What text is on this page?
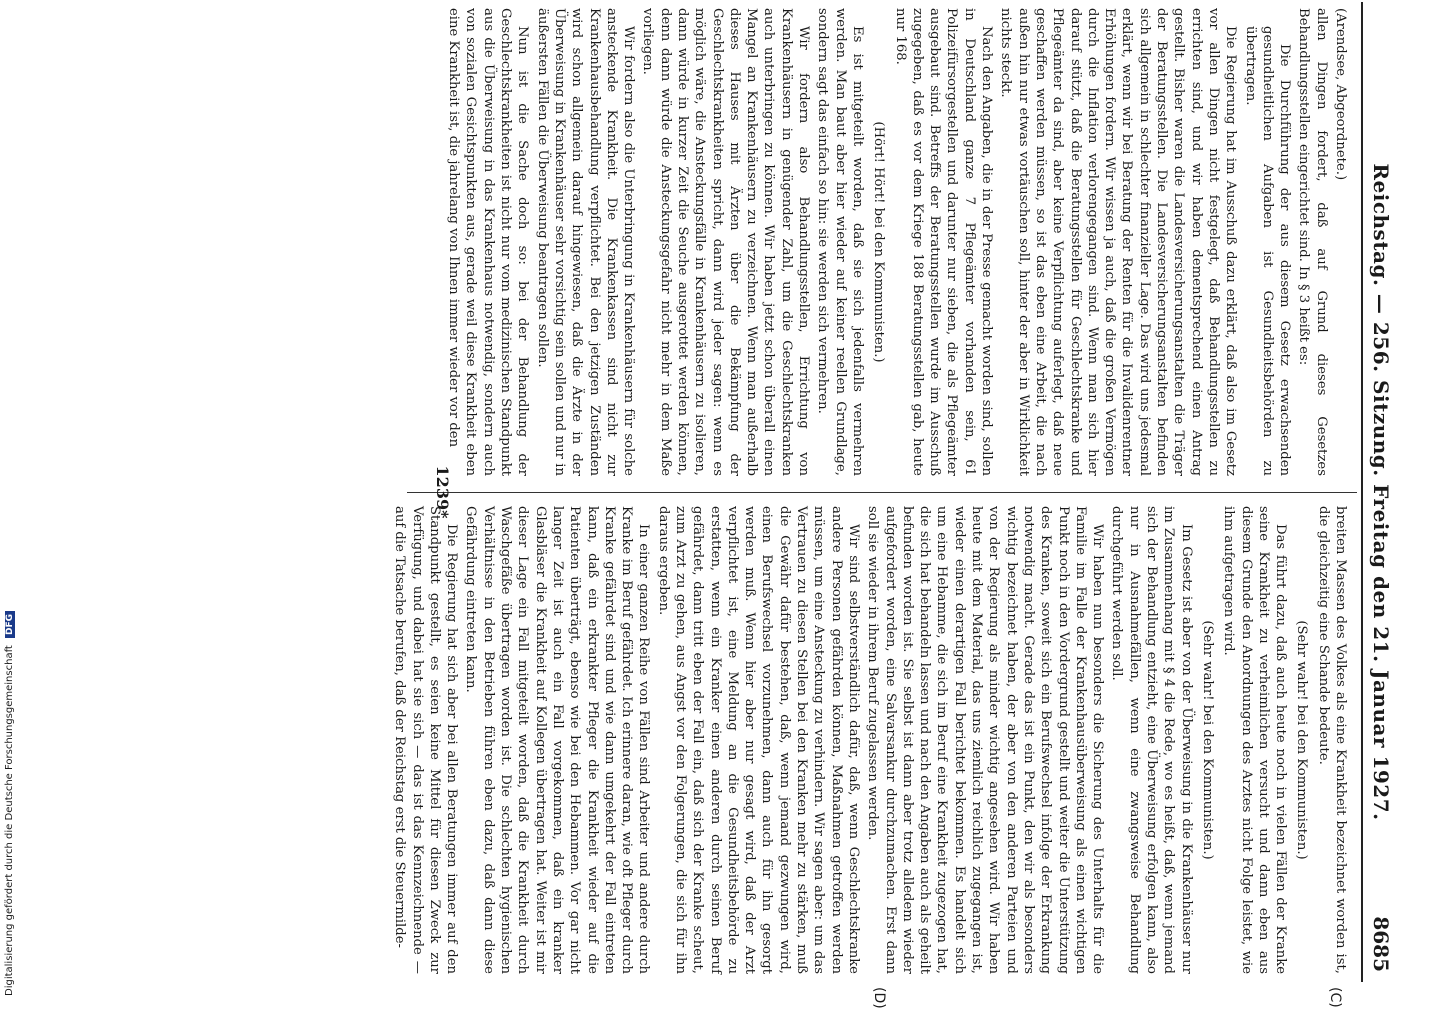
Digitalisierung gefördert durch die Deutsche Forschungsgemeinschaft DFG	Reichstag. — 256. Sitzung. Freitag den 21. Januar 1927.
8685
(C)
(D)

(Arendsee, Abgeordnete.)

allen Dingen fordert, daß auf Grund dieses Gesetzes Behandlungsstellen eingerichtet sind. In § 3 heißt es:

Die Durchführung der aus diesem Gesetz erwachsenden gesundheitlichen Aufgaben ist Gesundheitsbehörden zu übertragen.

Die Regierung hat im Ausschuß dazu erklärt, daß also im Gesetz vor allen Dingen nicht festgelegt, daß Behandlungsstellen zu errichten sind, und wir haben dementsprechend einen Antrag gestellt. Bisher waren die Landesversicherungsanstalten die Träger der Beratungsstellen. Die Landesversicherungsanstalten befinden sich allgemein in schlechter finanzieller Lage. Das wird uns jedesmal erklärt, wenn wir bei Beratung der Renten für die Invalidenrentner Erhöhungen fordern. Wir wissen ja auch, daß die großen Vermögen durch die Inflation verlorengegangen sind. Wenn man sich hier darauf stützt, daß die Beratungsstellen für Geschlechtskranke und Pflegeämter da sind, aber keine Verpflichtung auferlegt, daß neue geschaffen werden müssen, so ist das eben eine Arbeit, die nach außen hin nur etwas vortäuschen soll, hinter der aber in Wirklichkeit nichts steckt.

Nach den Angaben, die in der Presse gemacht worden sind, sollen in Deutschland ganze 7 Pflegeämter vorhanden sein, 61 Polizeifürsorgestellen und darunter nur sieben, die als Pflegeämter ausgebaut sind. Betreffs der Beratungsstellen wurde im Ausschuß zugegeben, daß es vor dem Kriege 188 Beratungsstellen gab, heute nur 168.

(Hört! Hört! bei den Kommunisten.)

Es ist mitgeteilt worden, daß sie sich jedenfalls vermehren werden. Man baut aber hier wieder auf keiner reellen Grundlage, sondern sagt das einfach so hin: sie werden sich vermehren.

Wir fordern also Behandlungsstellen, Errichtung von Krankenhäusern in genügender Zahl, um die Geschlechtskranken auch unterbringen zu können. Wir haben jetzt schon überall einen Mangel an Krankenhäusern zu verzeichnen. Wenn man außerhalb dieses Hauses mit Ärzten über die Bekämpfung der Geschlechtskrankheiten spricht, dann wird jeder sagen: wenn es möglich wäre, die Ansteckungsfälle in Krankenhäusern zu isolieren, dann würde in kurzer Zeit die Seuche ausgerottet werden können, denn dann würde die Ansteckungsgefahr nicht mehr in dem Maße vorliegen.

Wir fordern also die Unterbringung in Krankenhäusern für solche ansteckende Krankheit. Die Krankenkassen sind nicht zur Krankenhausbehandlung verpflichtet. Bei den jetzigen Zuständen wird schon allgemein darauf hingewiesen, daß die Ärzte in der Überweisung in Krankenhäuser sehr vorsichtig sein sollen und nur in äußersten Fällen die Überweisung beantragen sollen.

Nun ist die Sache doch so: bei der Behandlung der Geschlechtskrankheiten ist nicht nur vom medizinischen Standpunkt aus die Überweisung in das Krankenhaus notwendig, sondern auch von sozialen Gesichtspunkten aus, gerade weil diese Krankheit eben eine Krankheit ist, die jahrelang von Ihnen immer wieder vor den

breiten Massen des Volkes als eine Krankheit bezeichnet worden ist, die gleichzeitig eine Schande bedeute.

(Sehr wahr! bei den Kommunisten.)

Das führt dazu, daß auch heute noch in vielen Fällen der Kranke seine Krankheit zu verheimlichen versucht und dann eben aus diesem Grunde den Anordnungen des Arztes nicht Folge leistet, wie ihm aufgetragen wird.

(Sehr wahr! bei den Kommunisten.)

Im Gesetz ist aber von der Überweisung in die Krankenhäuser nur im Zusammenhang mit § 4 die Rede, wo es heißt, daß, wenn jemand sich der Behandlung entzieht, eine Überweisung erfolgen kann, also nur in Ausnahmefällen, wenn eine zwangsweise Behandlung durchgeführt werden soll.

Wir haben nun besonders die Sicherung des Unterhalts für die Familie im Falle der Krankenhausüberweisung als einen wichtigen Punkt noch in den Vordergrund gestellt und weiter die Unterstützung des Kranken, soweit sich ein Berufswechsel infolge der Erkrankung notwendig macht. Gerade das ist ein Punkt, den wir als besonders wichtig bezeichnet haben, der aber von den anderen Parteien und von der Regierung als minder wichtig angesehen wird. Wir haben heute mit dem Material, das uns ziemlich reichlich zugegangen ist, wieder einen derartigen Fall berichtet bekommen. Es handelt sich um eine Hebamme, die sich im Beruf eine Krankheit zugezogen hat, die sich hat behandeln lassen und nach den Angaben auch als geheilt befunden worden ist. Sie selbst ist dann aber trotz alledem wieder aufgefordert worden, eine Salvarsankur durchzumachen. Erst dann soll sie wieder in ihrem Beruf zugelassen werden.

Wir sind selbstverständlich dafür, daß, wenn Geschlechtskranke andere Personen gefährden können, Maßnahmen getroffen werden müssen, um eine Ansteckung zu verhindern. Wir sagen aber: um das Vertrauen zu diesen Stellen bei den Kranken mehr zu stärken, muß die Gewähr dafür bestehen, daß, wenn jemand gezwungen wird, einen Berufswechsel vorzunehmen, dann auch für ihn gesorgt werden muß. Wenn hier aber nur gesagt wird, daß der Arzt verpflichtet ist, eine Meldung an die Gesundheitsbehörde zu erstatten, wenn ein Kranker einen anderen durch seinen Beruf gefährdet, dann tritt eben der Fall ein, daß sich der Kranke scheut, zum Arzt zu gehen, aus Angst vor den Folgerungen, die sich für ihn daraus ergeben.

In einer ganzen Reihe von Fällen sind Arbeiter und andere durch Kranke im Beruf gefährdet. Ich erinnere daran, wie oft Pfleger durch Kranke gefährdet sind und wie dann umgekehrt der Fall eintreten kann, daß ein erkrankter Pfleger die Krankheit wieder auf die Patienten überträgt, ebenso wie bei den Hebammen. Vor gar nicht langer Zeit ist auch ein Fall vorgekommen, daß ein kranker Glasbläser die Krankheit auf Kollegen übertragen hat. Weiter ist mir dieser Lage ein Fall mitgeteilt worden, daß die Krankheit durch Waschgefäße übertragen worden ist. Die schlechten hygienischen Verhältnisse in den Betrieben führen eben dazu, daß dann diese Gefährdung eintreten kann.

Die Regierung hat sich aber bei allen Beratungen immer auf den Standpunkt gestellt, es seien keine Mittel für diesen Zweck zur Verfügung, und dabei hat sie sich — das ist das Kennzeichnende — auf die Tatsache berufen, daß der Reichstag erst die Steuermilde-

1239*
